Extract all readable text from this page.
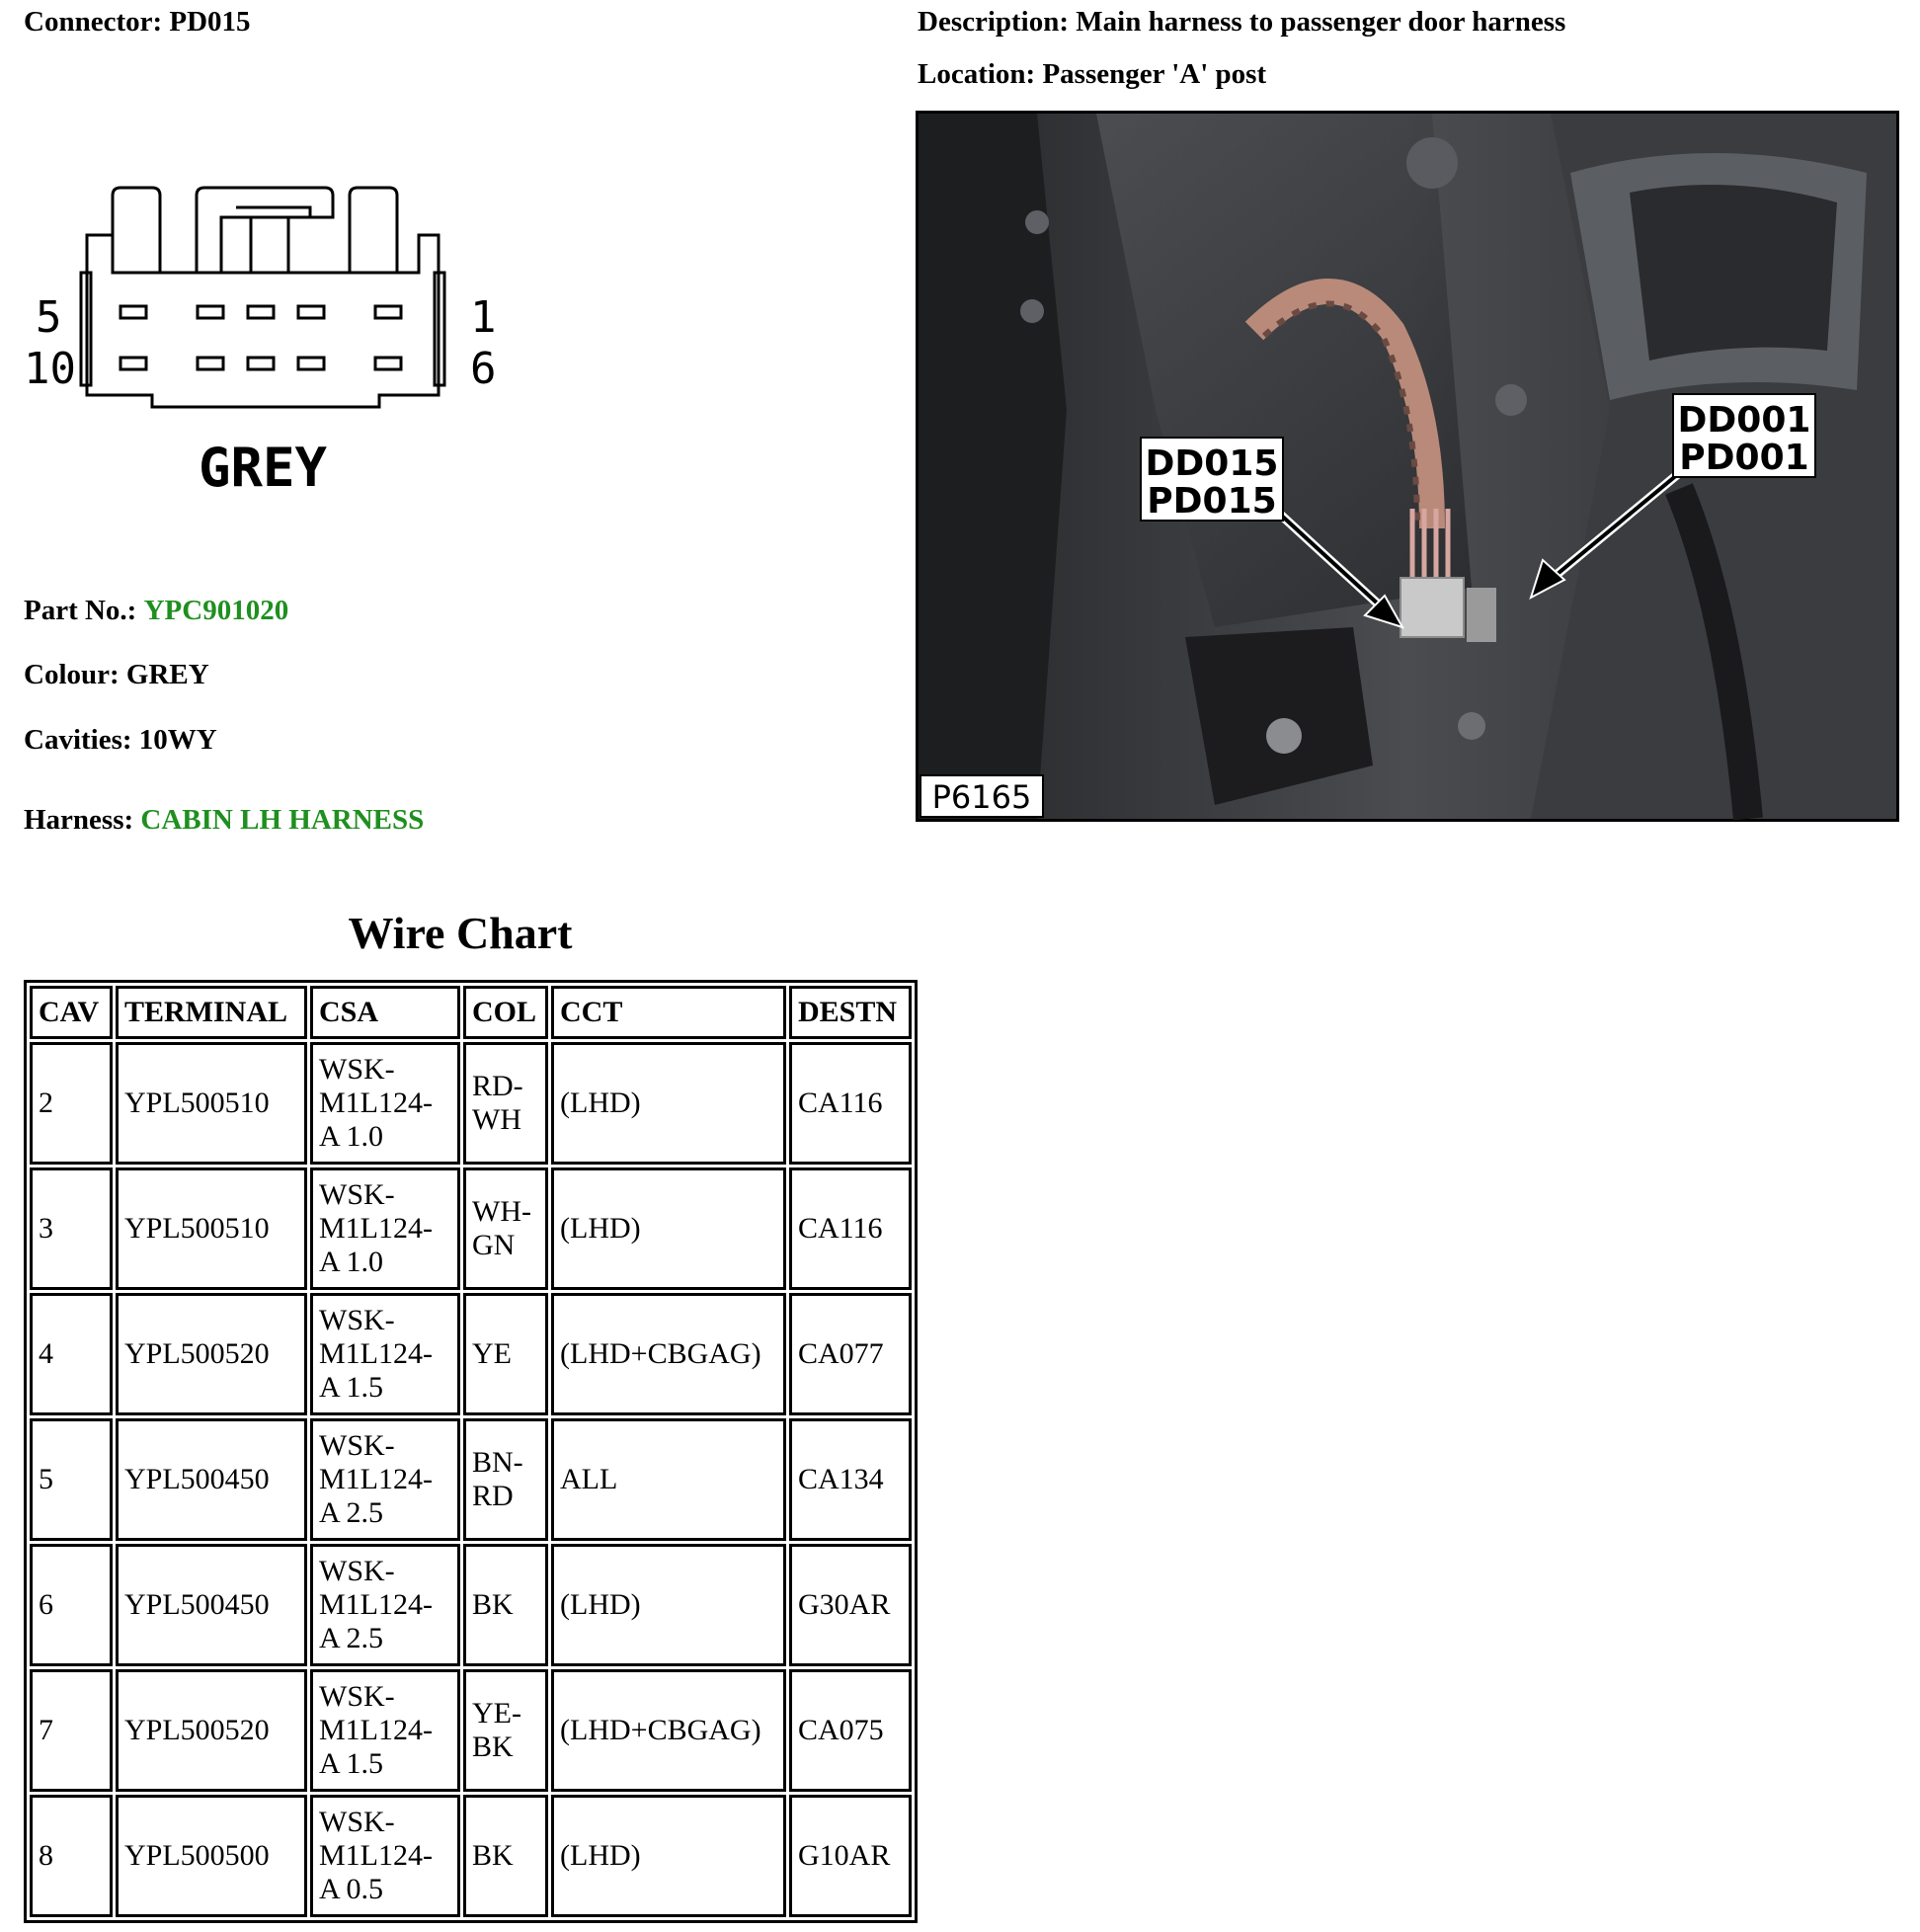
Connector: PD015	Description: Main harness to passenger door harness
Location: Passenger 'A' post
5
10
1
6
GREY
Part No.: YPC901020
Colour: GREY
Cavities: 10WY
Harness: CABIN LH HARNESS
DD015
PD015
DD001
PD001
P6165
Wire Chart
CAV	TERMINAL	CSA	COL	CCT	DESTN
2	YPL500510	WSK-M1L124-A 1.0	RD-WH	(LHD)	CA116
3	YPL500510	WSK-M1L124-A 1.0	WH-GN	(LHD)	CA116
4	YPL500520	WSK-M1L124-A 1.5	YE	(LHD+CBGAG)	CA077
5	YPL500450	WSK-M1L124-A 2.5	BN-RD	ALL	CA134
6	YPL500450	WSK-M1L124-A 2.5	BK	(LHD)	G30AR
7	YPL500520	WSK-M1L124-A 1.5	YE-BK	(LHD+CBGAG)	CA075
8	YPL500500	WSK-M1L124-A 0.5	BK	(LHD)	G10AR
